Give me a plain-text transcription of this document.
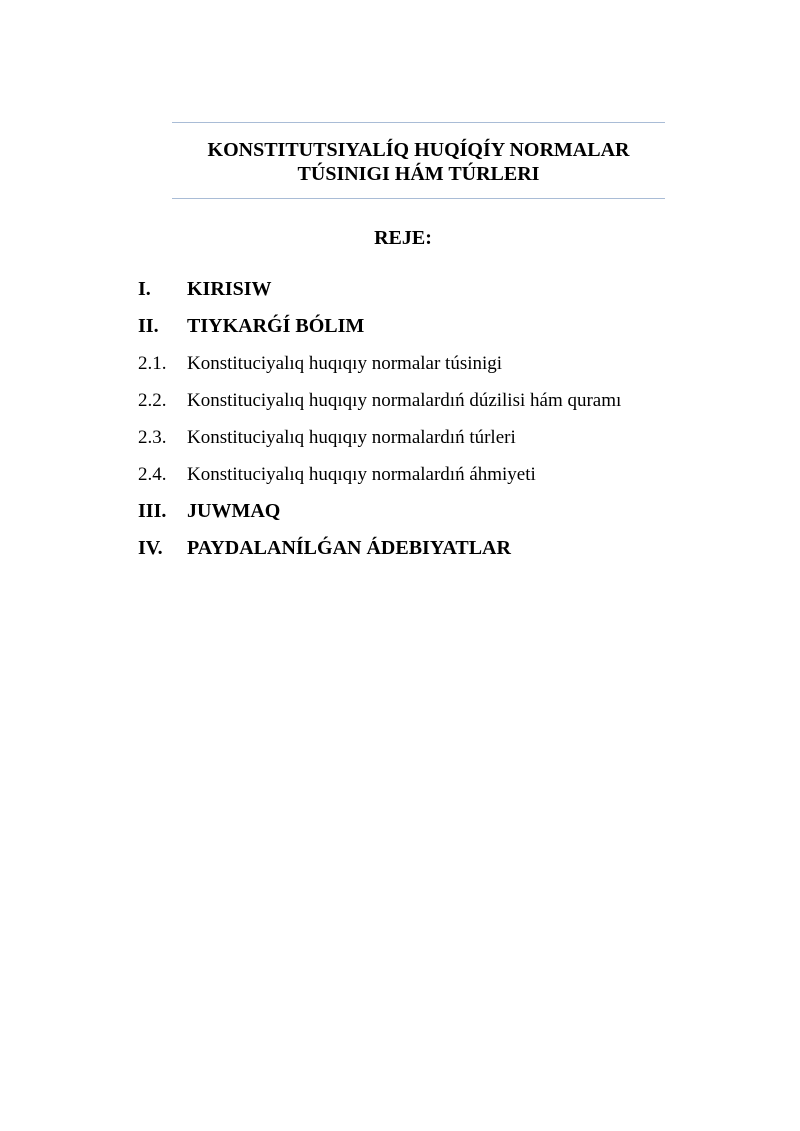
KONSTITUTSIYALÍQ HUQÍQÍY NORMALAR
TÚSINIGI HÁM TÚRLERI
REJE:
I.	KIRISIW
II.	TIYKARǴÍ BÓLIM
2.1.	Konstituciyalıq huqıqıy normalar túsinigi
2.2.	Konstituciyalıq huqıqıy normalardıń dúzilisi hám quramı
2.3.	Konstituciyalıq huqıqıy normalardıń túrleri
2.4.	Konstituciyalıq huqıqıy normalardıń áhmiyeti
III.	JUWMAQ
IV.	PAYDALANÍLǴAN ÁDEBIYATLAR
